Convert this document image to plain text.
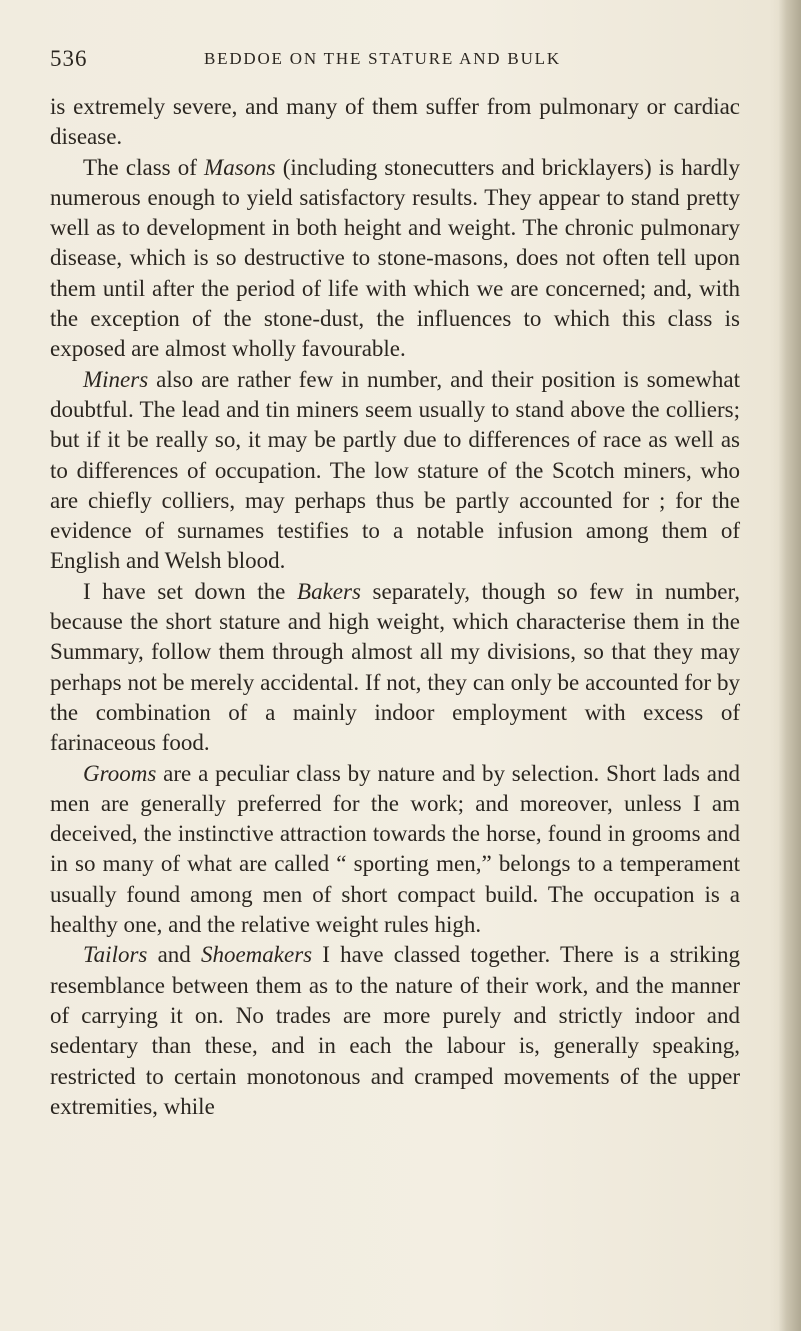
536	BEDDOE ON THE STATURE AND BULK

is extremely severe, and many of them suffer from pulmonary or cardiac disease.

The class of Masons (including stonecutters and bricklayers) is hardly numerous enough to yield satisfactory results. They appear to stand pretty well as to development in both height and weight. The chronic pulmonary disease, which is so destructive to stone-masons, does not often tell upon them until after the period of life with which we are concerned; and, with the exception of the stone-dust, the influences to which this class is exposed are almost wholly favourable.

Miners also are rather few in number, and their position is somewhat doubtful. The lead and tin miners seem usually to stand above the colliers; but if it be really so, it may be partly due to differences of race as well as to differences of occupation. The low stature of the Scotch miners, who are chiefly colliers, may perhaps thus be partly accounted for ; for the evidence of surnames testifies to a notable infusion among them of English and Welsh blood.

I have set down the Bakers separately, though so few in number, because the short stature and high weight, which characterise them in the Summary, follow them through almost all my divisions, so that they may perhaps not be merely accidental. If not, they can only be accounted for by the combination of a mainly indoor employment with excess of farinaceous food.

Grooms are a peculiar class by nature and by selection. Short lads and men are generally preferred for the work; and moreover, unless I am deceived, the instinctive attraction towards the horse, found in grooms and in so many of what are called “ sporting men,” belongs to a temperament usually found among men of short compact build. The occupation is a healthy one, and the relative weight rules high.

Tailors and Shoemakers I have classed together. There is a striking resemblance between them as to the nature of their work, and the manner of carrying it on. No trades are more purely and strictly indoor and sedentary than these, and in each the labour is, generally speaking, restricted to certain monotonous and cramped movements of the upper extremities, while
